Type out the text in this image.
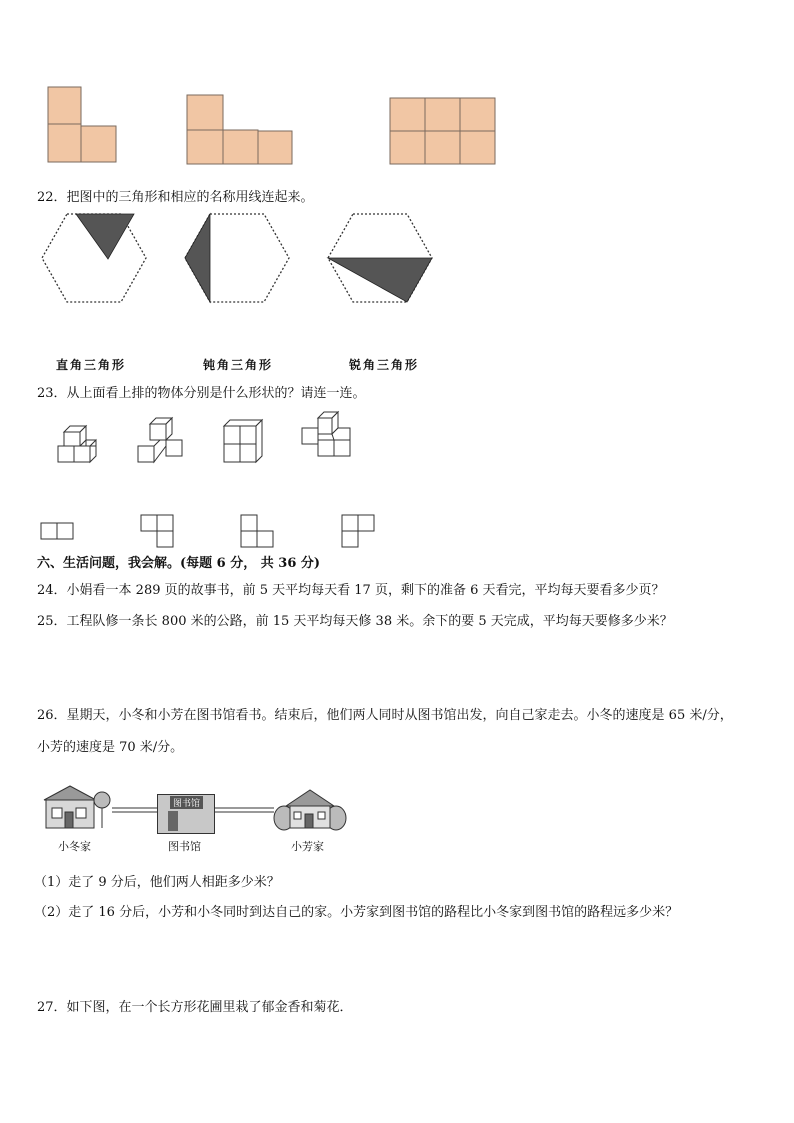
22．把图中的三角形和相应的名称用线连起来。
直角三角形	钝角三角形	锐角三角形
23．从上面看上排的物体分别是什么形状的？请连一连。
六、生活问题，我会解。(每题 6 分， 共 36 分)
24．小娟看一本 289 页的故事书，前 5 天平均每天看 17 页，剩下的准备 6 天看完，平均每天要看多少页？
25．工程队修一条长 800 米的公路，前 15 天平均每天修 38 米。余下的要 5 天完成，平均每天要修多少米？
26．星期天，小冬和小芳在图书馆看书。结束后，他们两人同时从图书馆出发，向自己家走去。小冬的速度是 65 米/分，
小芳的速度是 70 米/分。
图书馆
小冬家	图书馆	小芳家
（1）走了 9 分后，他们两人相距多少米？
（2）走了 16 分后，小芳和小冬同时到达自己的家。小芳家到图书馆的路程比小冬家到图书馆的路程远多少米？
27．如下图，在一个长方形花圃里栽了郁金香和菊花．
